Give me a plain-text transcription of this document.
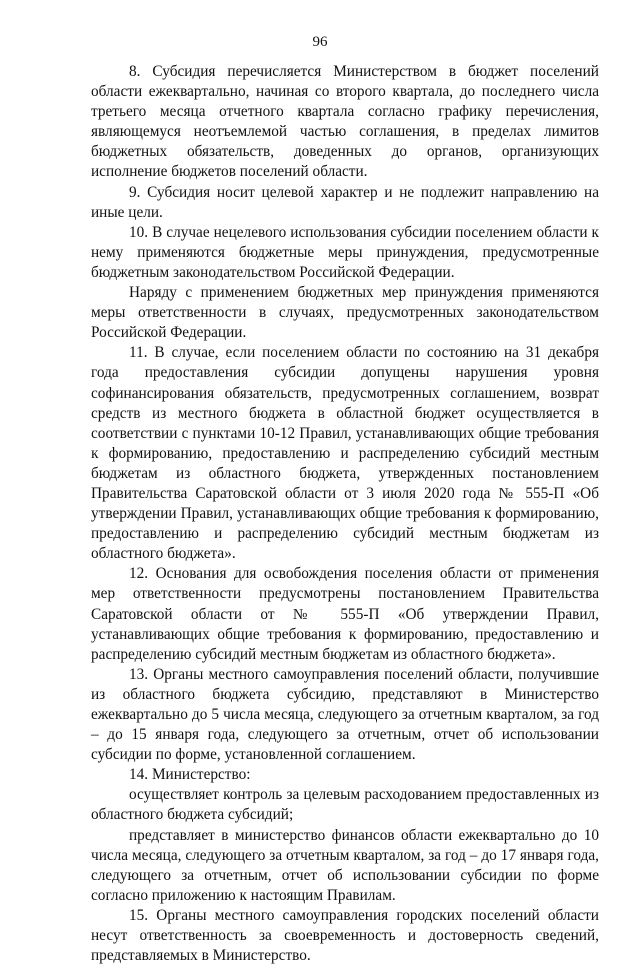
96

8. Субсидия перечисляется Министерством в бюджет поселений области ежеквартально, начиная со второго квартала, до последнего числа третьего месяца отчетного квартала согласно графику перечисления, являющемуся неотъемлемой частью соглашения, в пределах лимитов бюджетных обязательств, доведенных до органов, организующих исполнение бюджетов поселений области.

9. Субсидия носит целевой характер и не подлежит направлению на иные цели.

10. В случае нецелевого использования субсидии поселением области к нему применяются бюджетные меры принуждения, предусмотренные бюджетным законодательством Российской Федерации.

Наряду с применением бюджетных мер принуждения применяются меры ответственности в случаях, предусмотренных законодательством Российской Федерации.

11. В случае, если поселением области по состоянию на 31 декабря года предоставления субсидии допущены нарушения уровня софинансирования обязательств, предусмотренных соглашением, возврат средств из местного бюджета в областной бюджет осуществляется в соответствии с пунктами 10-12 Правил, устанавливающих общие требования к формированию, предоставлению и распределению субсидий местным бюджетам из областного бюджета, утвержденных постановлением Правительства Саратовской области от 3 июля 2020 года № 555-П «Об утверждении Правил, устанавливающих общие требования к формированию, предоставлению и распределению субсидий местным бюджетам из областного бюджета».

12. Основания для освобождения поселения области от применения мер ответственности предусмотрены постановлением Правительства Саратовской области от № 555-П «Об утверждении Правил, устанавливающих общие требования к формированию, предоставлению и распределению субсидий местным бюджетам из областного бюджета».

13. Органы местного самоуправления поселений области, получившие из областного бюджета субсидию, представляют в Министерство ежеквартально до 5 числа месяца, следующего за отчетным кварталом, за год – до 15 января года, следующего за отчетным, отчет об использовании субсидии по форме, установленной соглашением.

14. Министерство:

осуществляет контроль за целевым расходованием предоставленных из областного бюджета субсидий;

представляет в министерство финансов области ежеквартально до 10 числа месяца, следующего за отчетным кварталом, за год – до 17 января года, следующего за отчетным, отчет об использовании субсидии по форме согласно приложению к настоящим Правилам.

15. Органы местного самоуправления городских поселений области несут ответственность за своевременность и достоверность сведений, представляемых в Министерство.
